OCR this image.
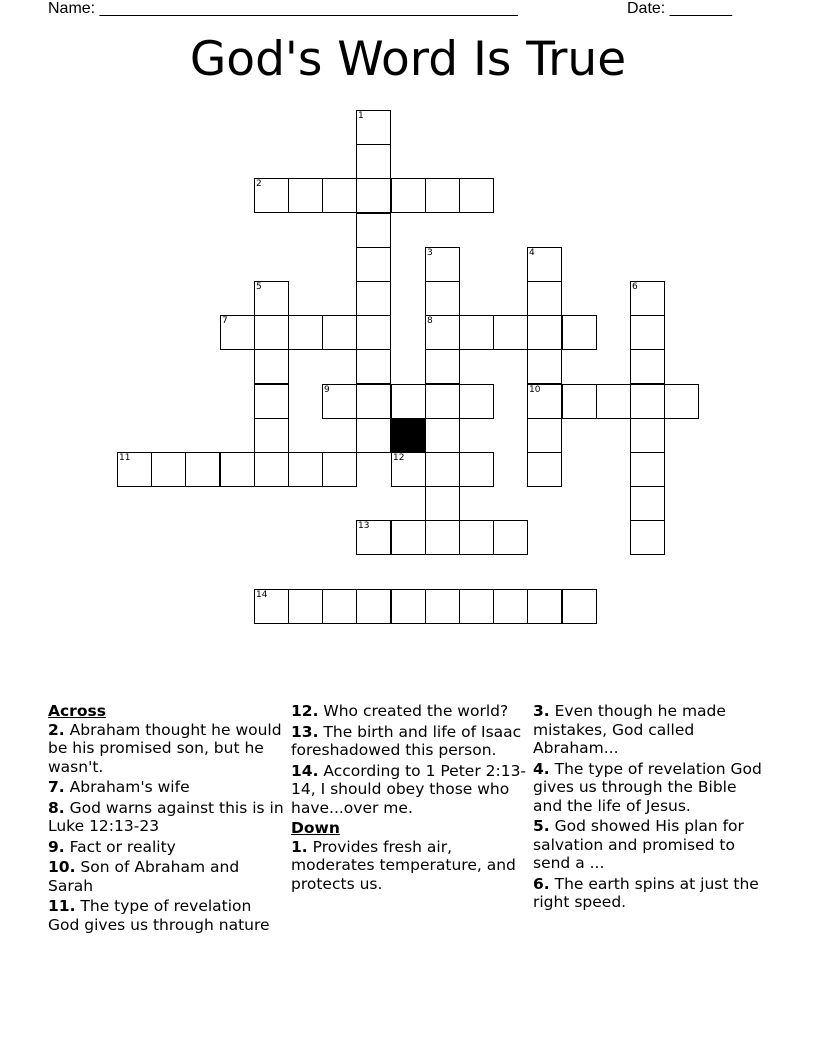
Name: _______________________________________________	Date: _______
God's Word Is True
1
2
3	4
5	6
7	8
9	10
11	12
13
14
Across
2. Abraham thought he would be his promised son, but he wasn't.
7. Abraham's wife
8. God warns against this is in Luke 12:13-23
9. Fact or reality
10. Son of Abraham and Sarah
11. The type of revelation God gives us through nature
12. Who created the world?
13. The birth and life of Isaac foreshadowed this person.
14. According to 1 Peter 2:13-14, I should obey those who have...over me.
Down
1. Provides fresh air, moderates temperature, and protects us.
3. Even though he made mistakes, God called Abraham...
4. The type of revelation God gives us through the Bible and the life of Jesus.
5. God showed His plan for salvation and promised to send a ...
6. The earth spins at just the right speed.
